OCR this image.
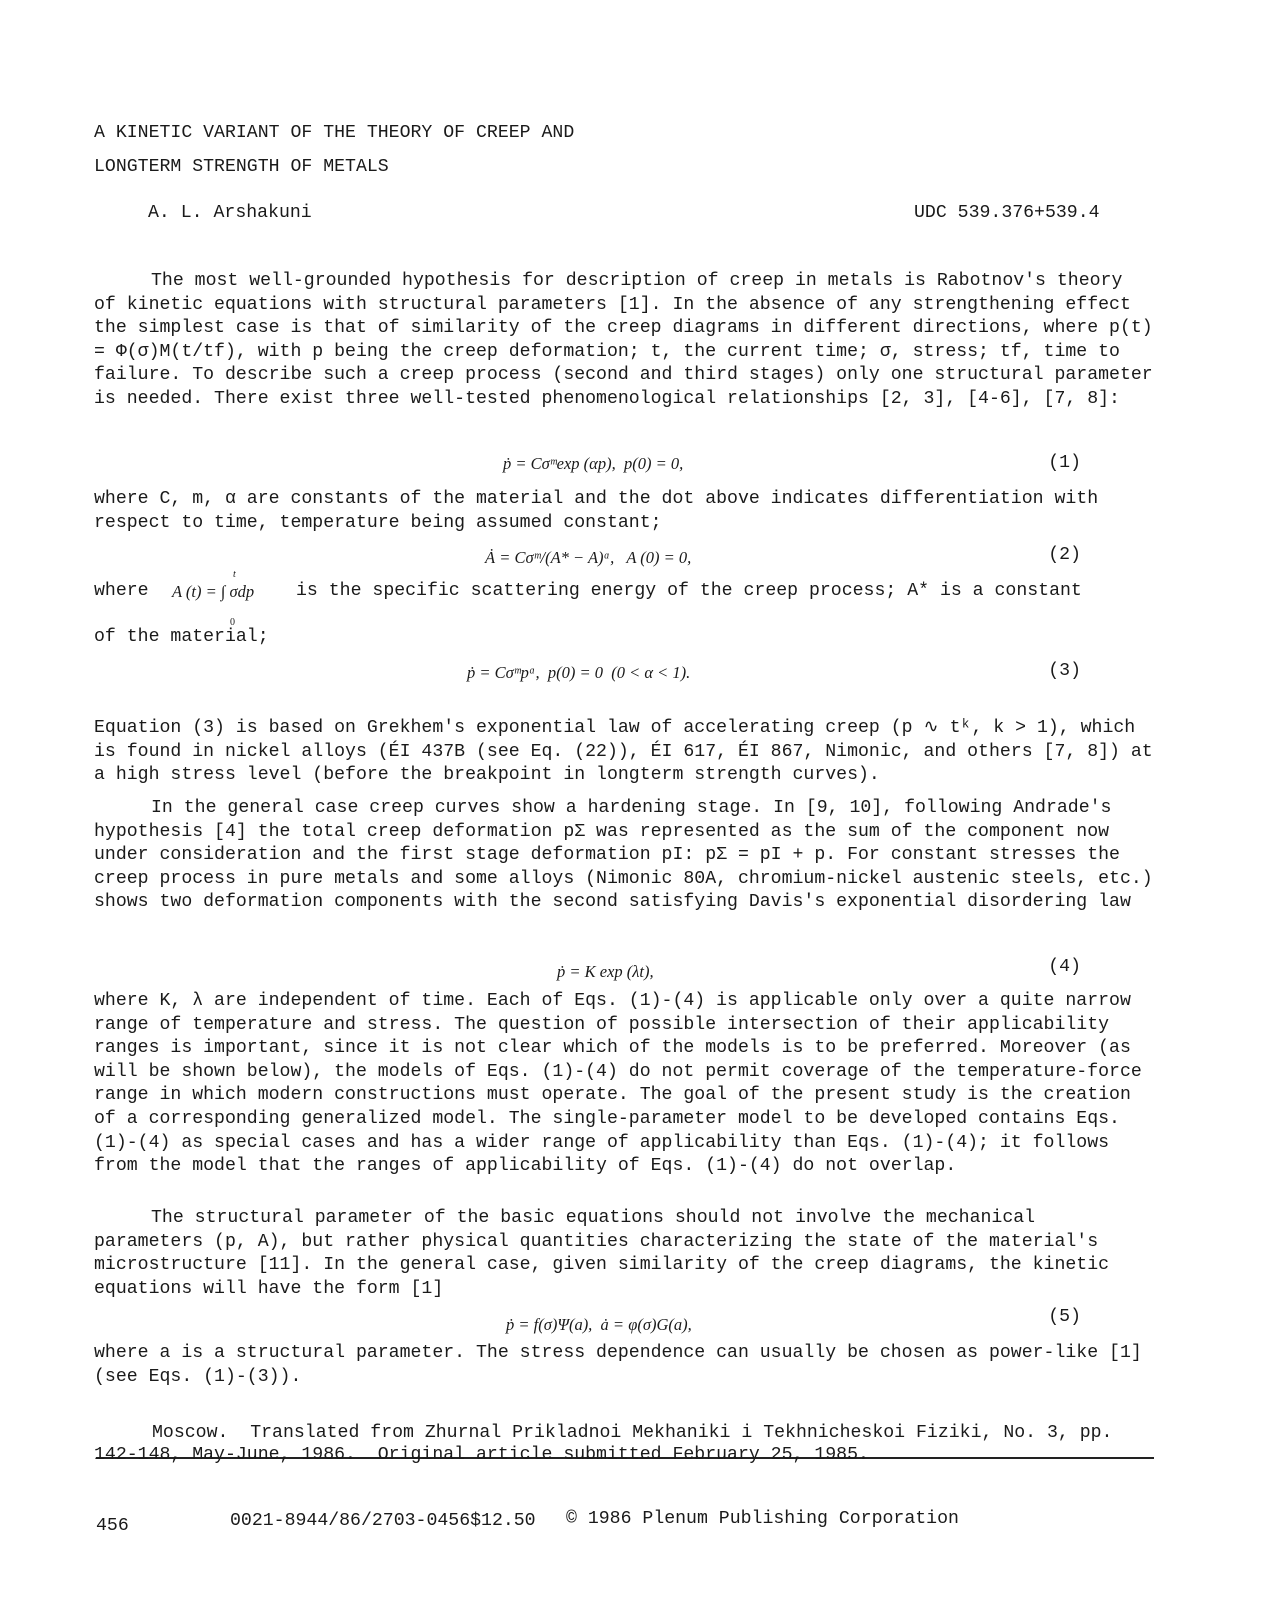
A KINETIC VARIANT OF THE THEORY OF CREEP AND
LONGTERM STRENGTH OF METALS
A. L. Arshakuni	UDC 539.376+539.4
The most well-grounded hypothesis for description of creep in metals is Rabotnov's theory of kinetic equations with structural parameters [1]. In the absence of any strengthening effect the simplest case is that of similarity of the creep diagrams in different directions, where p(t) = Φ(σ)M(t/tf), with p being the creep deformation; t, the current time; σ, stress; tf, time to failure. To describe such a creep process (second and third stages) only one structural parameter is needed. There exist three well-tested phenomenological relationships [2, 3], [4-6], [7, 8]:
ṗ = Cσᵐexp (αp),  p(0) = 0,	(1)
where C, m, α are constants of the material and the dot above indicates differentiation with respect to time, temperature being assumed constant;
Ȧ = Cσᵐ/(A* − A)ᵅ,   A (0) = 0,	(2)
where A (t) = ∫ σdp
t
0
is the specific scattering energy of the creep process; A* is a constant
of the material;
ṗ = Cσᵐpᵅ,  p(0) = 0  (0 < α < 1).	(3)
Equation (3) is based on Grekhem's exponential law of accelerating creep (p ∿ tᵏ, k > 1), which is found in nickel alloys (ÉI 437B (see Eq. (22)), ÉI 617, ÉI 867, Nimonic, and others [7, 8]) at a high stress level (before the breakpoint in longterm strength curves).
In the general case creep curves show a hardening stage. In [9, 10], following Andrade's hypothesis [4] the total creep deformation pΣ was represented as the sum of the component now under consideration and the first stage deformation pI: pΣ = pI + p. For constant stresses the creep process in pure metals and some alloys (Nimonic 80A, chromium-nickel austenic steels, etc.) shows two deformation components with the second satisfying Davis's exponential disordering law
ṗ = K exp (λt),	(4)
where K, λ are independent of time. Each of Eqs. (1)-(4) is applicable only over a quite narrow range of temperature and stress. The question of possible intersection of their applicability ranges is important, since it is not clear which of the models is to be preferred. Moreover (as will be shown below), the models of Eqs. (1)-(4) do not permit coverage of the temperature-force range in which modern constructions must operate. The goal of the present study is the creation of a corresponding generalized model. The single-parameter model to be developed contains Eqs. (1)-(4) as special cases and has a wider range of applicability than Eqs. (1)-(4); it follows from the model that the ranges of applicability of Eqs. (1)-(4) do not overlap.
The structural parameter of the basic equations should not involve the mechanical parameters (p, A), but rather physical quantities characterizing the state of the material's microstructure [11]. In the general case, given similarity of the creep diagrams, the kinetic equations will have the form [1]
ṗ = f(σ)Ψ(a),  ȧ = φ(σ)G(a),	(5)
where a is a structural parameter. The stress dependence can usually be chosen as power-like [1] (see Eqs. (1)-(3)).
Moscow.  Translated from Zhurnal Prikladnoi Mekhaniki i Tekhnicheskoi Fiziki, No. 3, pp.
142-148, May-June, 1986.  Original article submitted February 25, 1985.
456	0021-8944/86/2703-0456$12.50 © 1986 Plenum Publishing Corporation
